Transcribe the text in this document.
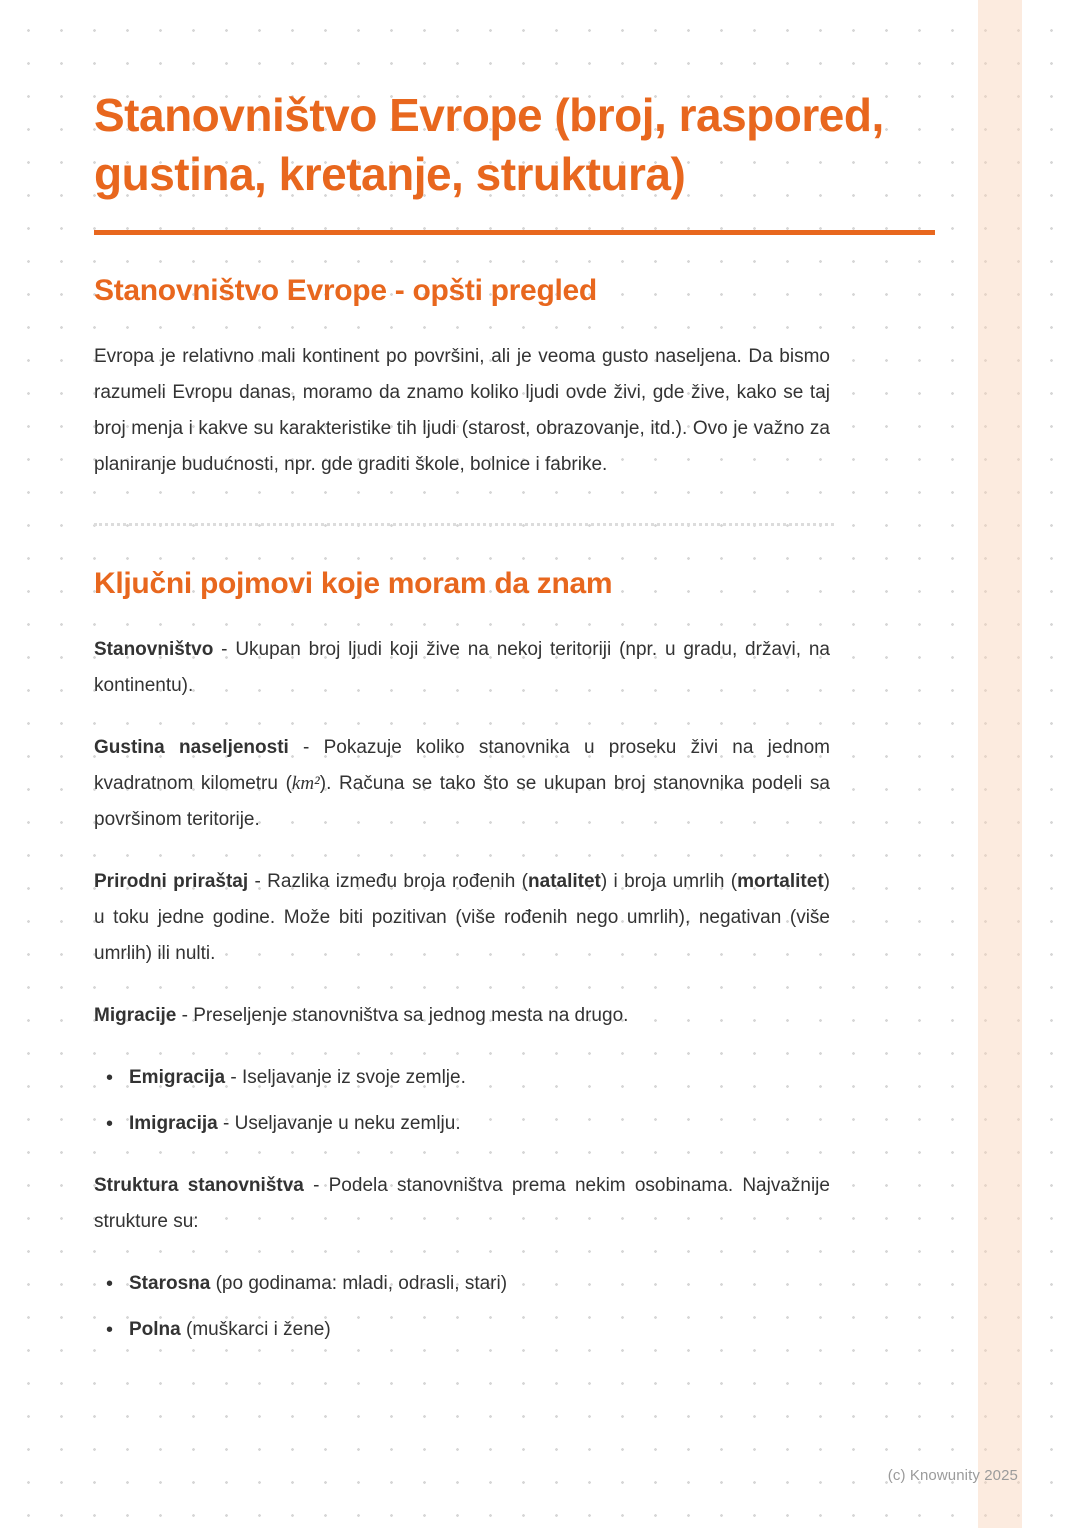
Stanovništvo Evrope (broj, raspored, gustina, kretanje, struktura)
Stanovništvo Evrope - opšti pregled

Evropa je relativno mali kontinent po površini, ali je veoma gusto naseljena. Da bismo razumeli Evropu danas, moramo da znamo koliko ljudi ovde živi, gde žive, kako se taj broj menja i kakve su karakteristike tih ljudi (starost, obrazovanje, itd.). Ovo je važno za planiranje budućnosti, npr. gde graditi škole, bolnice i fabrike.

Ključni pojmovi koje moram da znam

Stanovništvo - Ukupan broj ljudi koji žive na nekoj teritoriji (npr. u gradu, državi, na kontinentu).

Gustina naseljenosti - Pokazuje koliko stanovnika u proseku živi na jednom kvadratnom kilometru (km²). Računa se tako što se ukupan broj stanovnika podeli sa površinom teritorije.

Prirodni priraštaj - Razlika između broja rođenih (natalitet) i broja umrlih (mortalitet) u toku jedne godine. Može biti pozitivan (više rođenih nego umrlih), negativan (više umrlih) ili nulti.

Migracije - Preseljenje stanovništva sa jednog mesta na drugo.

• Emigracija - Iseljavanje iz svoje zemlje.
• Imigracija - Useljavanje u neku zemlju.

Struktura stanovništva - Podela stanovništva prema nekim osobinama. Najvažnije strukture su:

• Starosna (po godinama: mladi, odrasli, stari)
• Polna (muškarci i žene)
(c) Knowunity 2025
